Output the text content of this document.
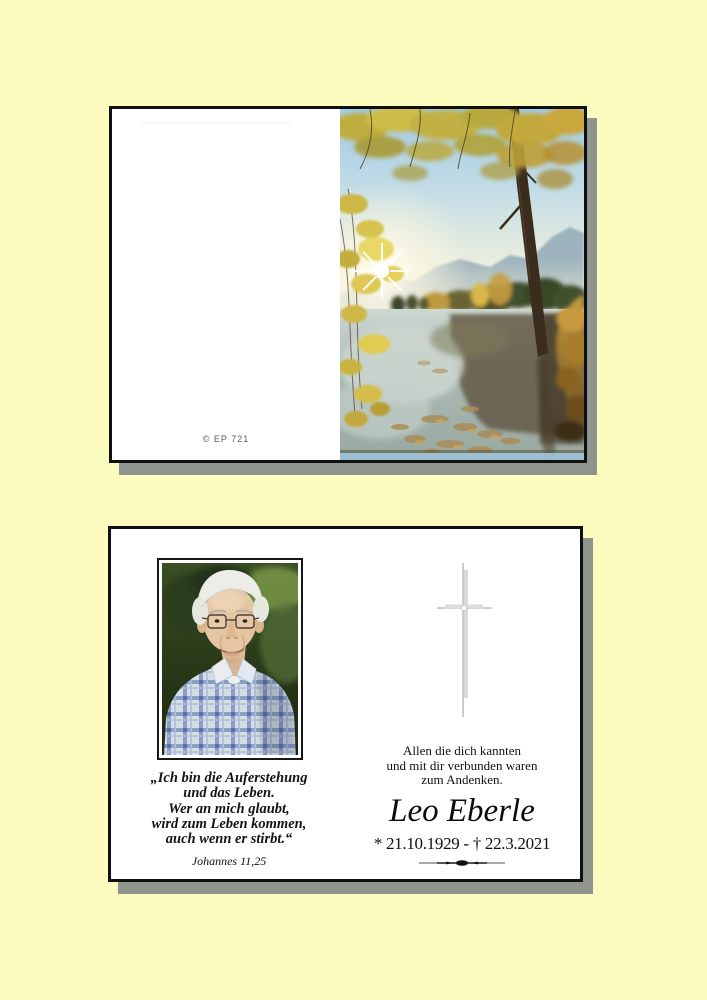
© EP 721
„Ich bin die Auferstehung
und das Leben.
Wer an mich glaubt,
wird zum Leben kommen,
auch wenn er stirbt.“
Johannes 11,25
Allen die dich kannten
und mit dir verbunden waren
zum Andenken.
Leo Eberle
* 21.10.1929 - † 22.3.2021
